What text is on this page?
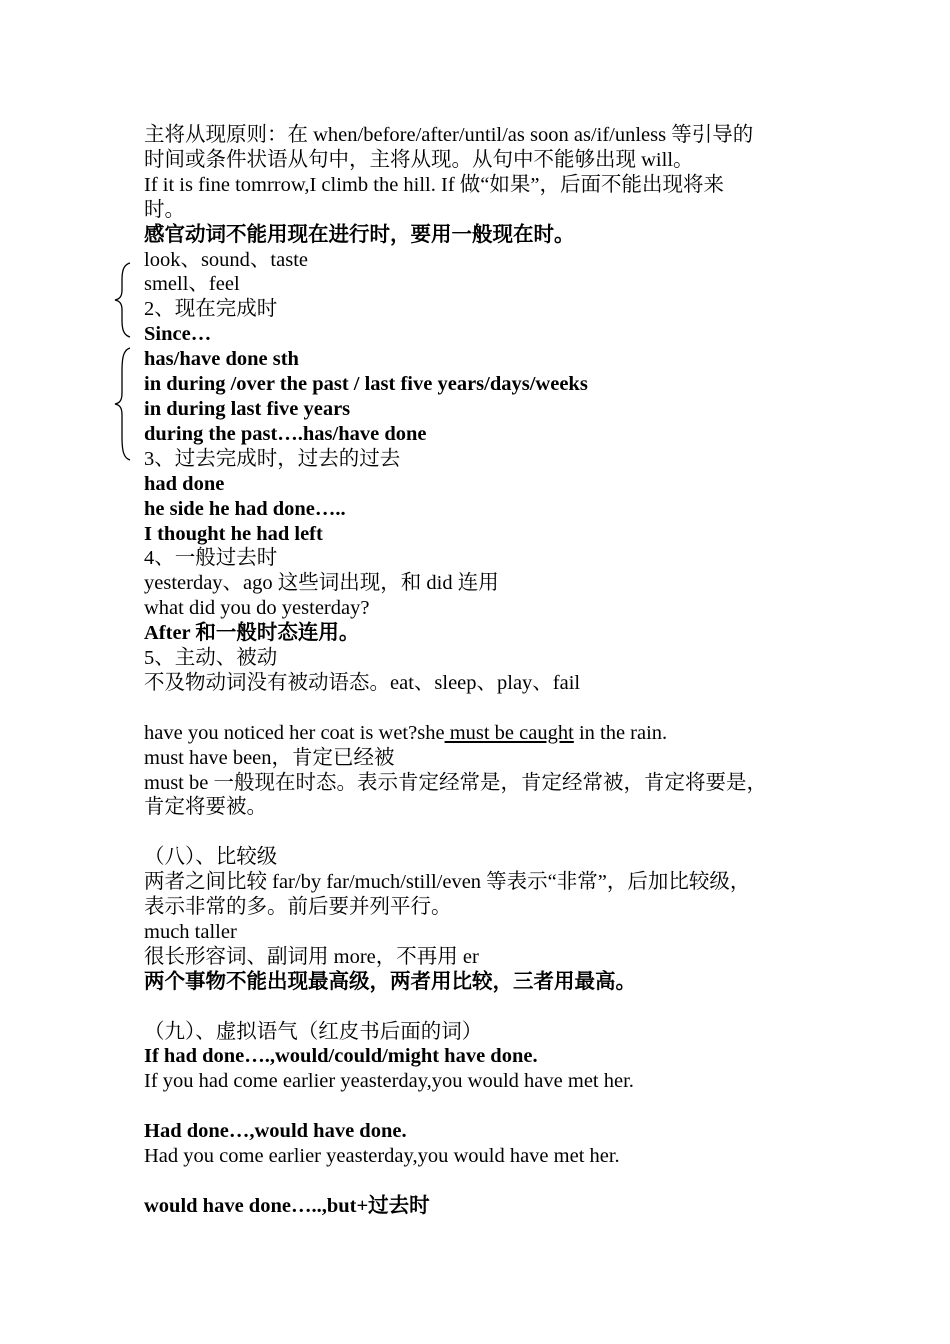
主将从现原则：在 when/before/after/until/as soon as/if/unless 等引导的
时间或条件状语从句中，主将从现。从句中不能够出现 will。
If it is fine tomrrow,I climb the hill. If 做“如果”，后面不能出现将来
时。
感官动词不能用现在进行时，要用一般现在时。
look、sound、taste
smell、feel
2、现在完成时
Since…
has/have done sth
in during /over the past / last five years/days/weeks
in during last five years
during the past….has/have done
3、过去完成时，过去的过去
had done
he side he had done…..
I thought he had left
4、一般过去时
yesterday、ago 这些词出现，和 did 连用
what did you do yesterday?
After 和一般时态连用。
5、主动、被动
不及物动词没有被动语态。eat、sleep、play、fail
have you noticed her coat is wet?she must be caught in the rain.
must have been，肯定已经被
must be 一般现在时态。表示肯定经常是，肯定经常被，肯定将要是，
肯定将要被。
（八）、比较级
两者之间比较 far/by far/much/still/even 等表示“非常”，后加比较级，
表示非常的多。前后要并列平行。
much taller
很长形容词、副词用 more，不再用 er
两个事物不能出现最高级，两者用比较，三者用最高。
（九）、虚拟语气（红皮书后面的词）
If had done….,would/could/might have done.
If you had come earlier yeasterday,you would have met her.
Had done…,would have done.
Had you come earlier yeasterday,you would have met her.
would have done…..,but+过去时
